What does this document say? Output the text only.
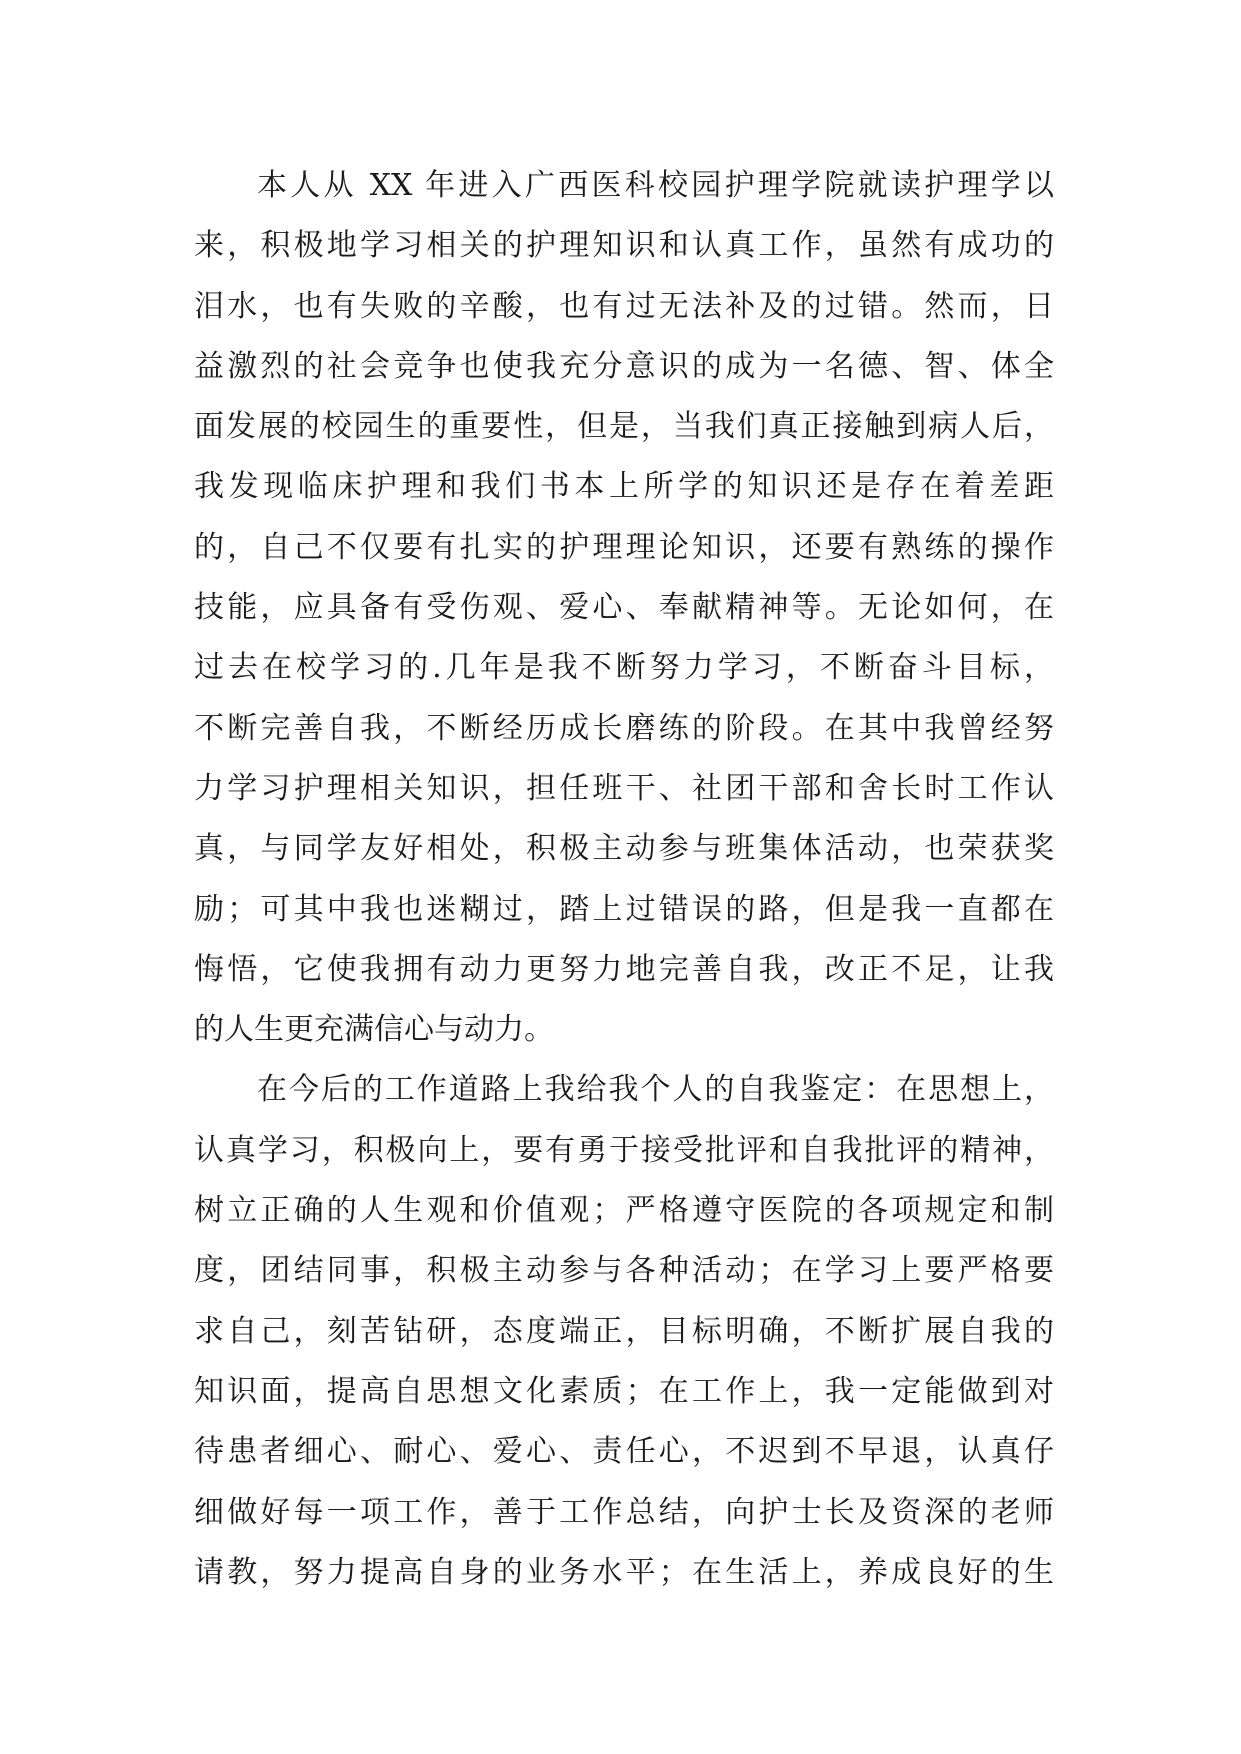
本人从 XX 年进入广西医科校园护理学院就读护理学以
来，积极地学习相关的护理知识和认真工作，虽然有成功的
泪水，也有失败的辛酸，也有过无法补及的过错。然而，日
益激烈的社会竞争也使我充分意识的成为一名德、智、体全
面发展的校园生的重要性，但是，当我们真正接触到病人后，
我发现临床护理和我们书本上所学的知识还是存在着差距
的，自己不仅要有扎实的护理理论知识，还要有熟练的操作
技能，应具备有受伤观、爱心、奉献精神等。无论如何，在
过去在校学习的.几年是我不断努力学习，不断奋斗目标，
不断完善自我，不断经历成长磨练的阶段。在其中我曾经努
力学习护理相关知识，担任班干、社团干部和舍长时工作认
真，与同学友好相处，积极主动参与班集体活动，也荣获奖
励；可其中我也迷糊过，踏上过错误的路，但是我一直都在
悔悟，它使我拥有动力更努力地完善自我，改正不足，让我
的人生更充满信心与动力。
在今后的工作道路上我给我个人的自我鉴定：在思想上，
认真学习，积极向上，要有勇于接受批评和自我批评的精神，
树立正确的人生观和价值观；严格遵守医院的各项规定和制
度，团结同事，积极主动参与各种活动；在学习上要严格要
求自己，刻苦钻研，态度端正，目标明确，不断扩展自我的
知识面，提高自思想文化素质；在工作上，我一定能做到对
待患者细心、耐心、爱心、责任心，不迟到不早退，认真仔
细做好每一项工作，善于工作总结，向护士长及资深的老师
请教，努力提高自身的业务水平；在生活上，养成良好的生
